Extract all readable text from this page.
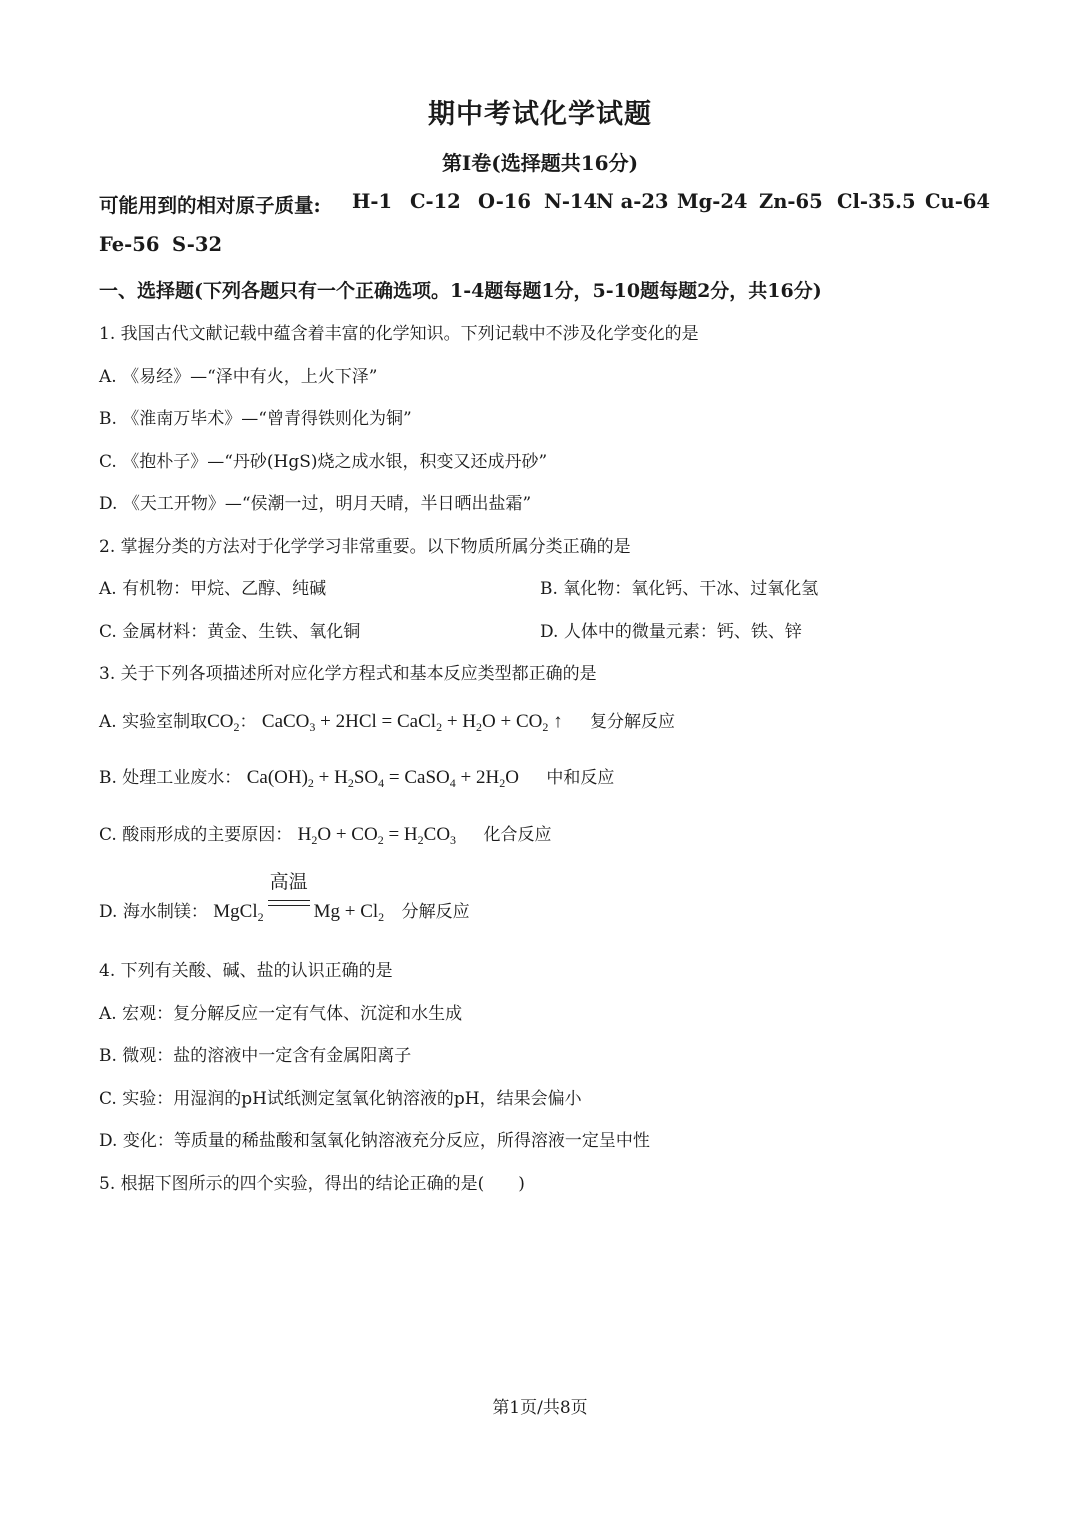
期中考试化学试题
第Ⅰ卷(选择题共16分)
可能用到的相对原子质量: H-1 C-12 O-16 N-14
N a-23 Mg-24 Zn-65 Cl-35.5 Cu-64
Fe-56 S-32
一、选择题(下列各题只有一个正确选项。1-4题每题1分，5-10题每题2分，共16分)
1. 我国古代文献记载中蕴含着丰富的化学知识。下列记载中不涉及化学变化的是
A. 《易经》—“泽中有火，上火下泽”
B. 《淮南万毕术》—“曾青得铁则化为铜”
C. 《抱朴子》—“丹砂(HgS)烧之成水银，积变又还成丹砂”
D. 《天工开物》—“侯潮一过，明月天晴，半日晒出盐霜”
2. 掌握分类的方法对于化学学习非常重要。以下物质所属分类正确的是
A. 有机物：甲烷、乙醇、纯碱	B. 氧化物：氧化钙、干冰、过氧化氢
C. 金属材料：黄金、生铁、氧化铜	D. 人体中的微量元素：钙、铁、锌
3. 关于下列各项描述所对应化学方程式和基本反应类型都正确的是
A. 实验室制取$CO_2$： CaCO$_3$ + 2HCl = CaCl$_2$ + $H_2O + CO_2$ ↑ 复分解反应
B. 处理工业废水： $Ca(OH)_2 + H_2SO_4$ = CaSO$_4$ + $2H_2O$ 中和反应
C. 酸雨形成的主要原因： $H_2O + CO_2 = H_2CO_3$ 化合反应
D. 海水制镁： MgCl$_2$
高温
$Mg + Cl_2$ 分解反应
4. 下列有关酸、碱、盐的认识正确的是
A. 宏观：复分解反应一定有气体、沉淀和水生成
B. 微观：盐的溶液中一定含有金属阳离子
C. 实验：用湿润的pH试纸测定氢氧化钠溶液的pH，结果会偏小
D. 变化：等质量的稀盐酸和氢氧化钠溶液充分反应，所得溶液一定呈中性
5. 根据下图所示的四个实验，得出的结论正确的是(　　)
第1页/共8页
